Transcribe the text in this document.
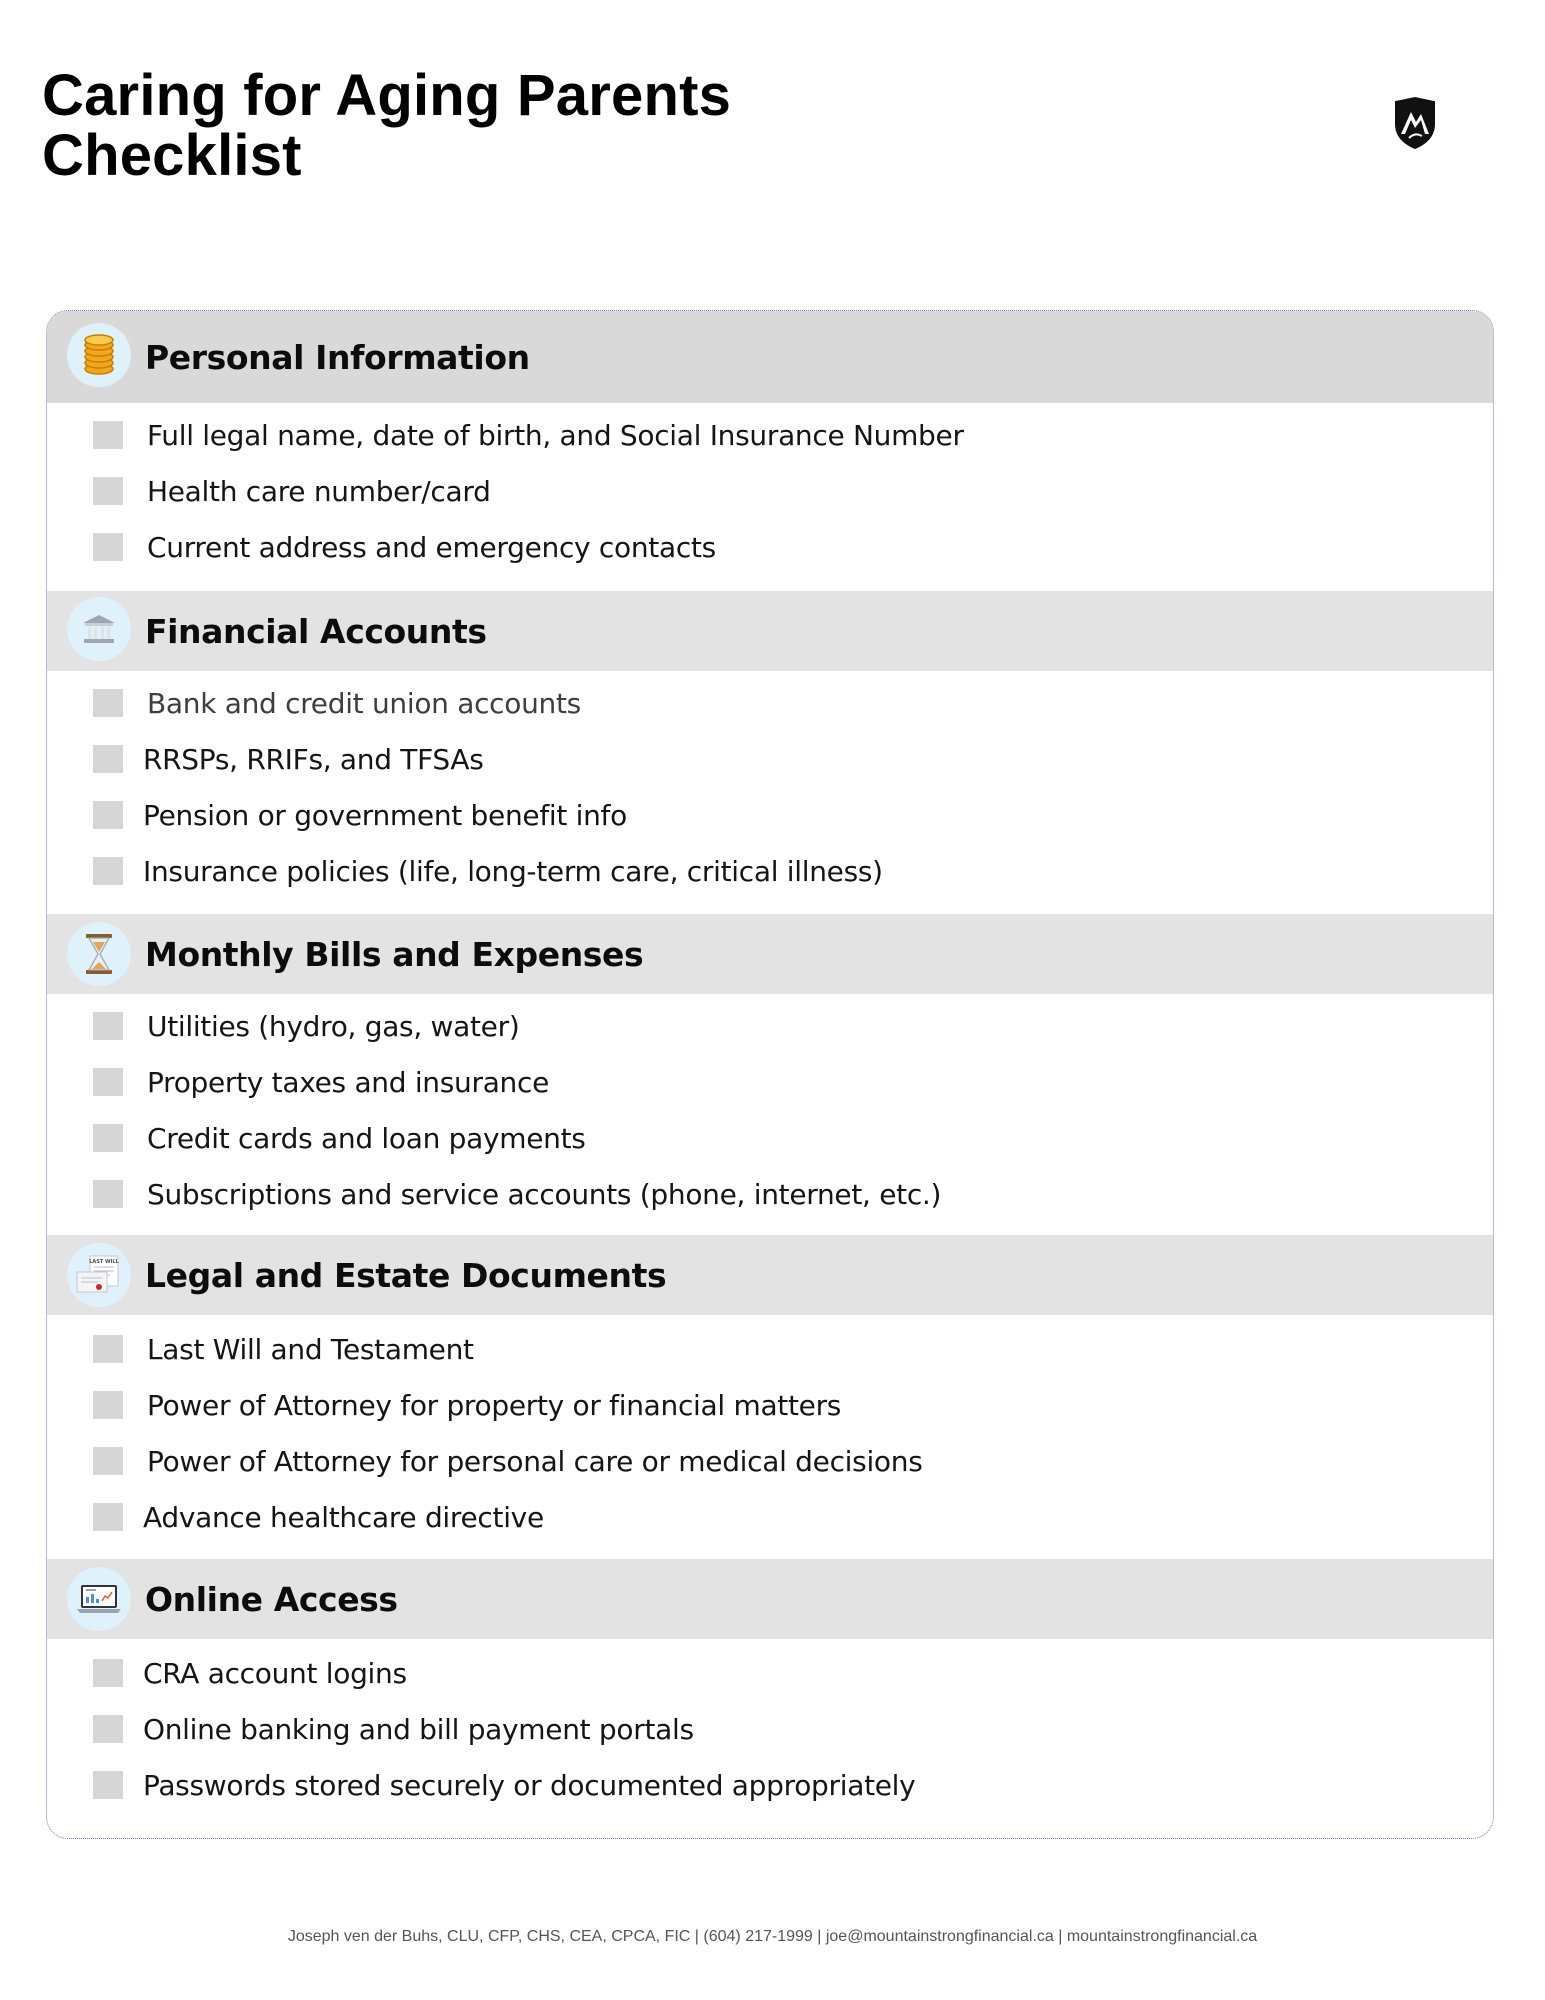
Caring for Aging Parents
Checklist
Personal Information
Full legal name, date of birth, and Social Insurance Number
Health care number/card
Current address and emergency contacts
Financial Accounts
Bank and credit union accounts
RRSPs, RRIFs, and TFSAs
Pension or government benefit info
Insurance policies (life, long-term care, critical illness)
Monthly Bills and Expenses
Utilities (hydro, gas, water)
Property taxes and insurance
Credit cards and loan payments
Subscriptions and service accounts (phone, internet, etc.)
LAST WILL Legal and Estate Documents
Last Will and Testament
Power of Attorney for property or financial matters
Power of Attorney for personal care or medical decisions
Advance healthcare directive
Online Access
CRA account logins
Online banking and bill payment portals
Passwords stored securely or documented appropriately
Joseph ven der Buhs, CLU, CFP, CHS, CEA, CPCA, FIC | (604) 217-1999 | joe@mountainstrongfinancial.ca | mountainstrongfinancial.ca
